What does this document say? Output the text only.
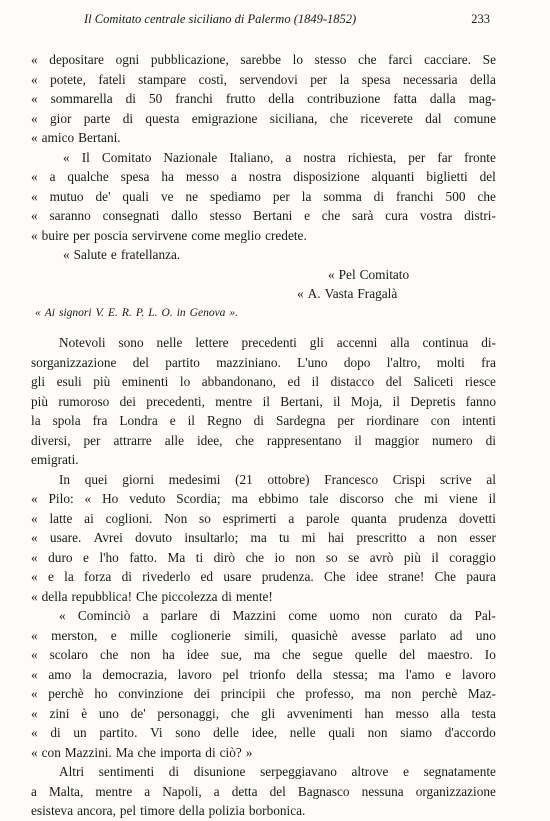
Il Comitato centrale siciliano di Palermo (1849-1852)	233
« depositare ogni pubblicazione, sarebbe lo stesso che farci cacciare. Se
« potete, fateli stampare costì, servendovi per la spesa necessaria della
« sommarella di 50 franchi frutto della contribuzione fatta dalla mag-
« gior parte di questa emigrazione siciliana, che riceverete dal comune
« amico Bertani.
« Il Comitato Nazionale Italiano, a nostra richiesta, per far fronte
« a qualche spesa ha messo a nostra disposizione alquanti biglietti del
« mutuo de' quali ve ne spediamo per la somma di franchi 500 che
« saranno consegnati dallo stesso Bertani e che sarà cura vostra distri-
« buire per poscia servirvene come meglio credete.
« Salute e fratellanza.
« Pel Comitato
« A. Vasta Fragalà
« Ai signori V. E. R. P. L. O. in Genova ».
Notevoli sono nelle lettere precedenti gli accenni alla continua di-
sorganizzazione del partito mazziniano. L'uno dopo l'altro, molti fra
gli esuli più eminenti lo abbandonano, ed il distacco del Saliceti riesce
più rumoroso dei precedenti, mentre il Bertani, il Moja, il Depretis fanno
la spola fra Londra e il Regno di Sardegna per riordinare con intenti
diversi, per attrarre alle idee, che rappresentano il maggior numero di
emigrati.
In quei giorni medesimi (21 ottobre) Francesco Crispi scrive al
« Pilo: « Ho veduto Scordia; ma ebbimo tale discorso che mi viene il
« latte ai coglioni. Non so esprimerti a parole quanta prudenza dovetti
« usare. Avrei dovuto insultarlo; ma tu mi hai prescritto a non esser
« duro e l'ho fatto. Ma ti dirò che io non so se avrò più il coraggio
« e la forza di rivederlo ed usare prudenza. Che idee strane! Che paura
« della repubblica! Che piccolezza di mente!
« Cominciò a parlare di Mazzini come uomo non curato da Pal-
« merston, e mille coglionerie simili, quasichè avesse parlato ad uno
« scolaro che non ha idee sue, ma che segue quelle del maestro. Io
« amo la democrazia, lavoro pel trionfo della stessa; ma l'amo e lavoro
« perchè ho convinzione dei principii che professo, ma non perchè Maz-
« zini è uno de' personaggi, che gli avvenimenti han messo alla testa
« di un partito. Vi sono delle idee, nelle quali non siamo d'accordo
« con Mazzini. Ma che importa di ciò? »
Altri sentimenti di disunione serpeggiavano altrove e segnatamente
a Malta, mentre a Napoli, a detta del Bagnasco nessuna organizzazione
esisteva ancora, pel timore della polizia borbonica.
